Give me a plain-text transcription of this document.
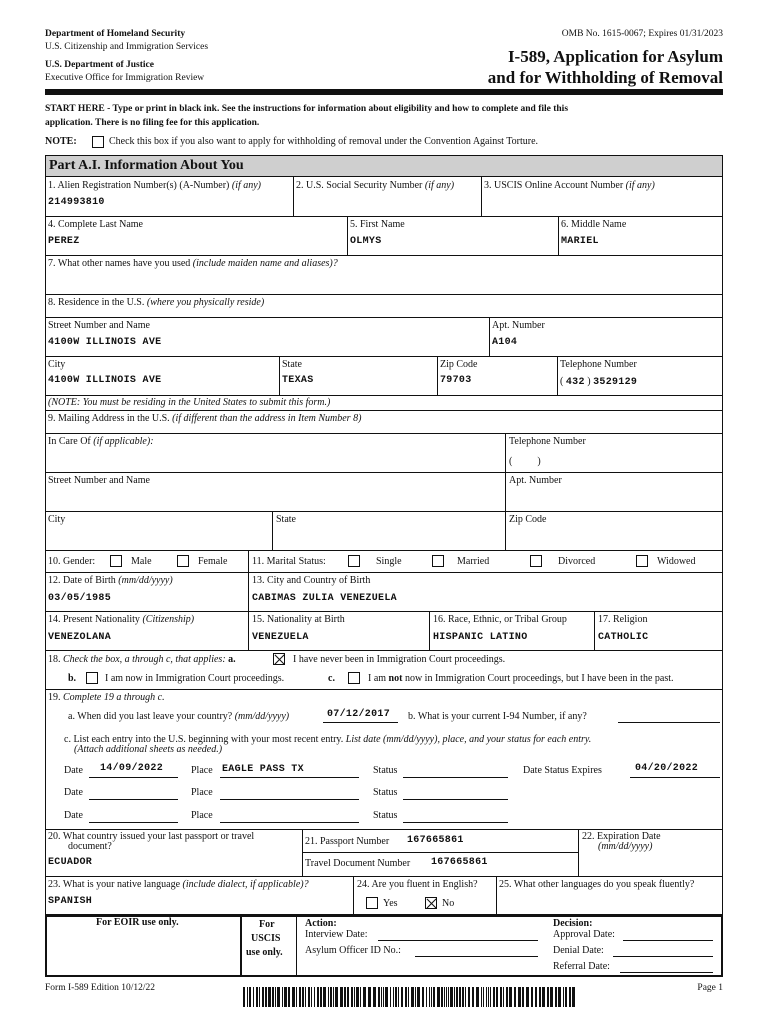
Department of Homeland Security
U.S. Citizenship and Immigration Services
U.S. Department of Justice
Executive Office for Immigration Review
OMB No. 1615-0067; Expires 01/31/2023
I-589, Application for Asylum
and for Withholding of Removal
START HERE - Type or print in black ink. See the instructions for information about eligibility and how to complete and file this
application. There is no filing fee for this application.
NOTE:	Check this box if you also want to apply for withholding of removal under the Convention Against Torture.
Part A.I. Information About You
1. Alien Registration Number(s) (A-Number) (if any)
214993810
2. U.S. Social Security Number (if any)	3. USCIS Online Account Number (if any)
4. Complete Last Name
PEREZ
5. First Name
OLMYS
6. Middle Name
MARIEL
7. What other names have you used (include maiden name and aliases)?
8. Residence in the U.S. (where you physically reside)
Street Number and Name
4100W ILLINOIS AVE
Apt. Number
A104
City
4100W ILLINOIS AVE
State
TEXAS
Zip Code
79703
Telephone Number
( 432 ) 3529129
(NOTE: You must be residing in the United States to submit this form.)
9. Mailing Address in the U.S. (if different than the address in Item Number 8)
In Care Of (if applicable):	Telephone Number
(          )
Street Number and Name	Apt. Number
City	State	Zip Code
10. Gender:	Male	Female 11. Marital Status:	Single	Married	Divorced	Widowed
12. Date of Birth (mm/dd/yyyy)
03/05/1985
13. City and Country of Birth
CABIMAS ZULIA VENEZUELA
14. Present Nationality (Citizenship)
VENEZOLANA
15. Nationality at Birth
VENEZUELA
16. Race, Ethnic, or Tribal Group
HISPANIC LATINO
17. Religion
CATHOLIC
18. Check the box, a through c, that applies: a.	I have never been in Immigration Court proceedings.
b.	I am now in Immigration Court proceedings.	c.	I am not now in Immigration Court proceedings, but I have been in the past.
19. Complete 19 a through c.
a. When did you last leave your country? (mm/dd/yyyy)	07/12/2017 b. What is your current I-94 Number, if any?
c. List each entry into the U.S. beginning with your most recent entry. List date (mm/dd/yyyy), place, and your status for each entry.
(Attach additional sheets as needed.)
Date 14/09/2022	Place EAGLE PASS TX	Status	Date Status Expires	04/20/2022
Date	Place	Status
Date	Place	Status
20. What country issued your last passport or travel
document?
ECUADOR
21. Passport Number 167665861
Travel Document Number 167665861
22. Expiration Date
(mm/dd/yyyy)
23. What is your native language (include dialect, if applicable)?
SPANISH
24. Are you fluent in English?
Yes	No
25. What other languages do you speak fluently?
For EOIR use only.	For
USCIS
use only.
Action:
Interview Date:
Asylum Officer ID No.:
Decision:
Approval Date:
Denial Date:
Referral Date:
Form I-589 Edition 10/12/22	Page 1
